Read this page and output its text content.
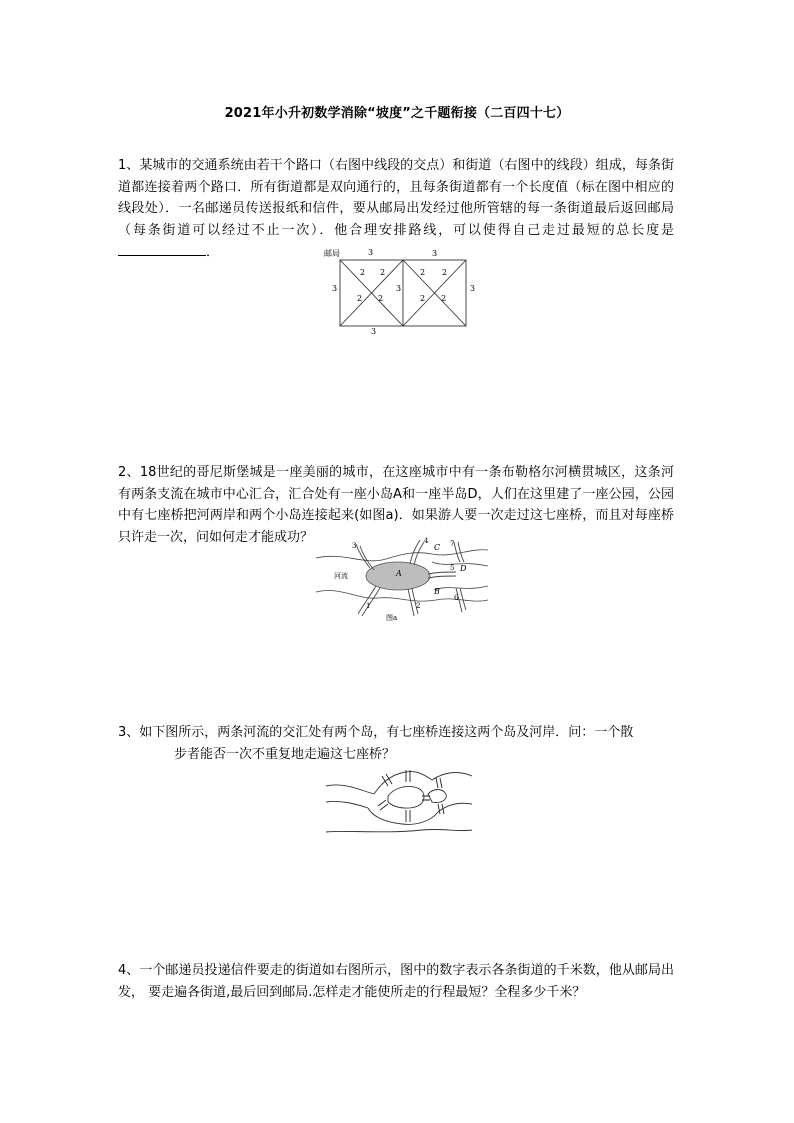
2021年小升初数学消除“坡度”之千题衔接（二百四十七）
1、某城市的交通系统由若干个路口（右图中线段的交点）和街道（右图中的线段）组成，每条街道都连接着两个路口．所有街道都是双向通行的，且每条街道都有一个长度值（标在图中相应的线段处）．一名邮递员传送报纸和信件，要从邮局出发经过他所管辖的每一条街道最后返回邮局（每条街道可以经过不止一次）．他合理安排路线，可以使得自己走过最短的总长度是．	邮局	3	3
3
3	3	3
2 2
2 2
2 2
2 2
2、18世纪的哥尼斯堡城是一座美丽的城市，在这座城市中有一条布勒格尔河横贯城区，这条河有两条支流在城市中心汇合，汇合处有一座小岛A和一座半岛D，人们在这里建了一座公园，公园中有七座桥把河两岸和两个小岛连接起来(如图a)．如果游人要一次走过这七座桥，而且对每座桥只许走一次，问如何走才能成功？
河流	A
C
D
B
1	2
3
4
5
6
7
图a
3、如下图所示，两条河流的交汇处有两个岛，有七座桥连接这两个岛及河岸．问：一个散
步者能否一次不重复地走遍这七座桥？
4、一个邮递员投递信件要走的街道如右图所示，图中的数字表示各条街道的千米数，他从邮局出发， 要走遍各街道,最后回到邮局.怎样走才能使所走的行程最短？全程多少千米？
